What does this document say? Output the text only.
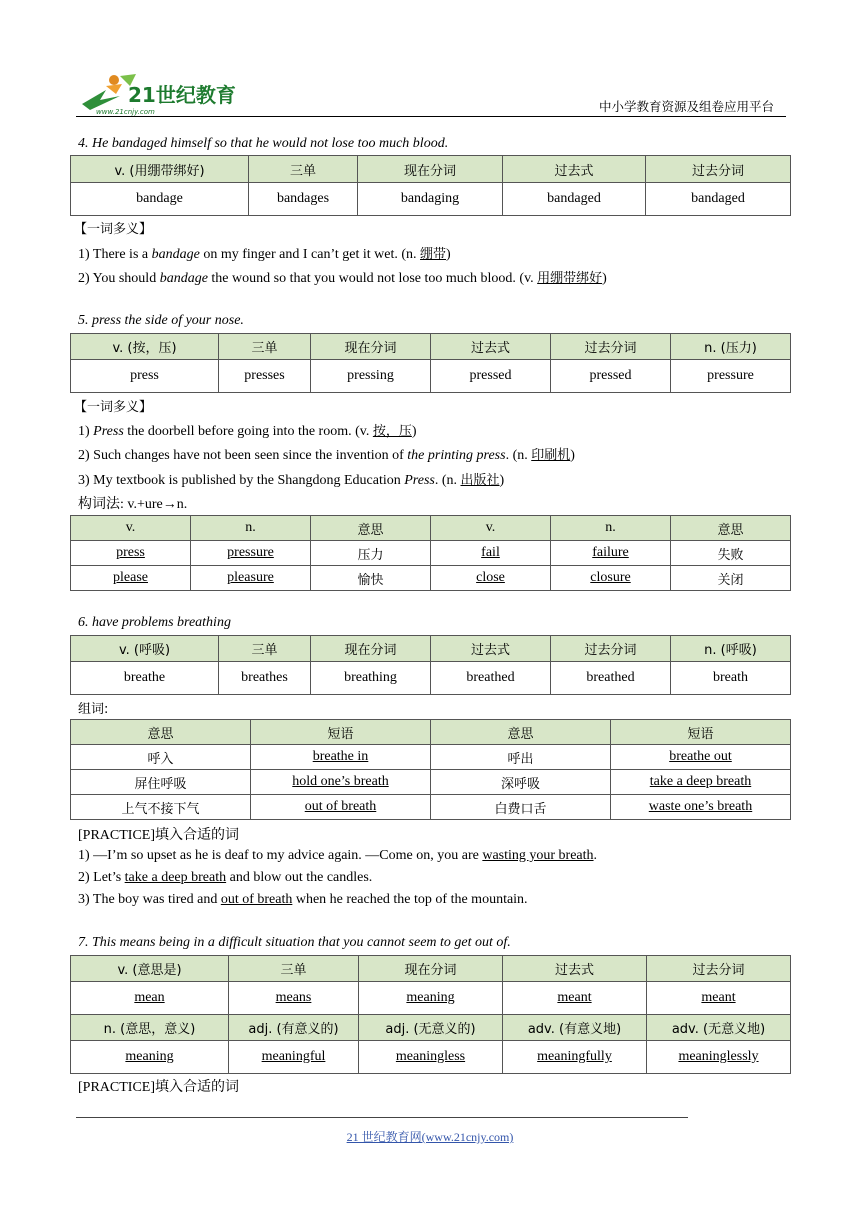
21世纪教育
www.21cnjy.com	中小学教育资源及组卷应用平台
4. He bandaged himself so that he would not lose too much blood.
v. (用绷带绑好)	三单	现在分词	过去式	过去分词
bandage	bandages	bandaging	bandaged	bandaged
【一词多义】
1) There is a bandage on my finger and I can’t get it wet. (n. 绷带)
2) You should bandage the wound so that you would not lose too much blood. (v. 用绷带绑好)
5. press the side of your nose.
v. (按，压)	三单	现在分词	过去式	过去分词	n. (压力)
press	presses	pressing	pressed	pressed	pressure
【一词多义】
1) Press the doorbell before going into the room. (v. 按，压)
2) Such changes have not been seen since the invention of the printing press. (n. 印刷机)
3) My textbook is published by the Shangdong Education Press. (n. 出版社)
构词法: v.+ure→n.
v.	n.	意思	v.	n.	意思
press	pressure	压力	fail	failure	失败
please	pleasure	愉快	close	closure	关闭
6. have problems breathing
v. (呼吸)	三单	现在分词	过去式	过去分词	n. (呼吸)
breathe	breathes	breathing	breathed	breathed	breath
组词:
意思	短语	意思	短语
呼入	breathe in	呼出	breathe out
屏住呼吸	hold one’s breath	深呼吸	take a deep breath
上气不接下气	out of breath	白费口舌	waste one’s breath
[PRACTICE]填入合适的词
1) —I’m so upset as he is deaf to my advice again. —Come on, you are wasting your breath.
2) Let’s take a deep breath and blow out the candles.
3) The boy was tired and out of breath when he reached the top of the mountain.
7. This means being in a difficult situation that you cannot seem to get out of.
v. (意思是)	三单	现在分词	过去式	过去分词
mean	means	meaning	meant	meant
n. (意思，意义)	adj. (有意义的)	adj. (无意义的)	adv. (有意义地)	adv. (无意义地)
meaning	meaningful	meaningless	meaningfully	meaninglessly
[PRACTICE]填入合适的词
21 世纪教育网(www.21cnjy.com)
